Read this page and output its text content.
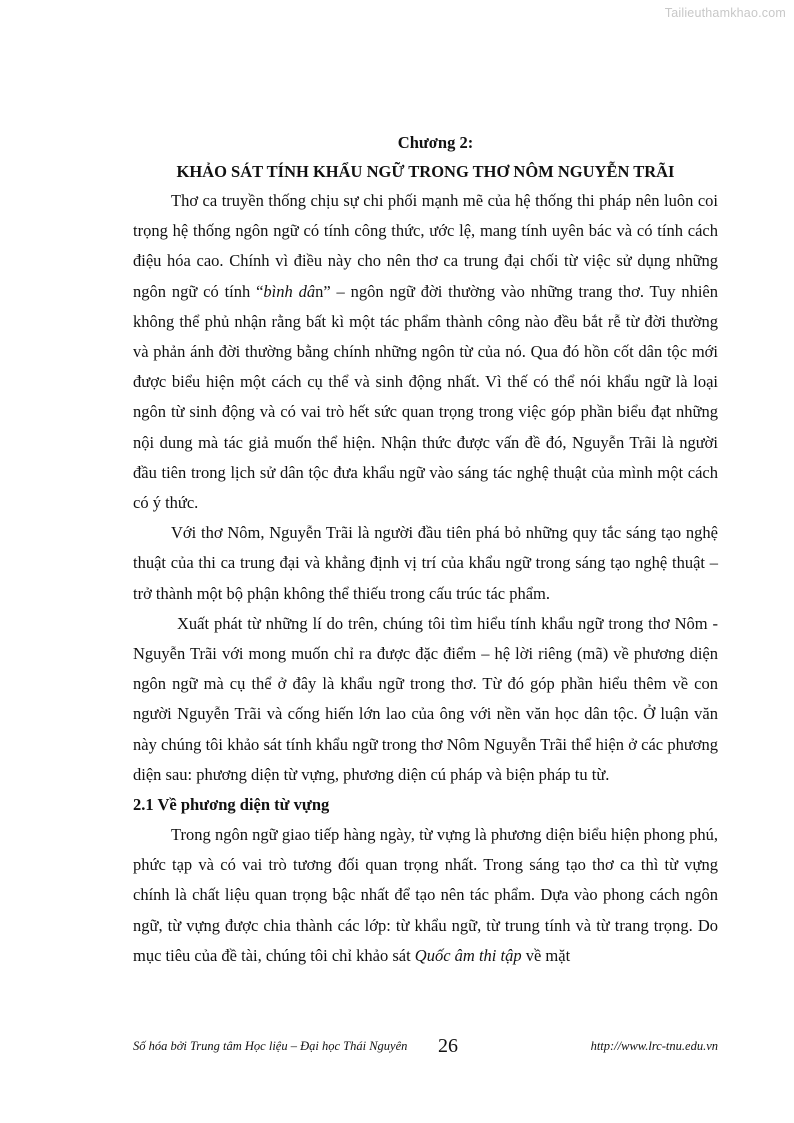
Tailieuthamkhao.com

Chương 2:

KHẢO SÁT TÍNH KHẨU NGỮ TRONG THƠ NÔM NGUYỄN TRÃI

Thơ ca truyền thống chịu sự chi phối mạnh mẽ của hệ thống thi pháp nên luôn coi trọng hệ thống ngôn ngữ có tính công thức, ước lệ, mang tính uyên bác và có tính cách điệu hóa cao. Chính vì điều này cho nên thơ ca trung đại chối từ việc sử dụng những ngôn ngữ có tính “bình dân” – ngôn ngữ đời thường vào những trang thơ. Tuy nhiên không thể phủ nhận rằng bất kì một tác phẩm thành công nào đều bắt rễ từ đời thường và phản ánh đời thường bằng chính những ngôn từ của nó. Qua đó hồn cốt dân tộc mới được biểu hiện một cách cụ thể và sinh động nhất. Vì thế có thể nói khẩu ngữ là loại ngôn từ sinh động và có vai trò hết sức quan trọng trong việc góp phần biểu đạt những nội dung mà tác giả muốn thể hiện. Nhận thức được vấn đề đó, Nguyễn Trãi là người đầu tiên trong lịch sử dân tộc đưa khẩu ngữ vào sáng tác nghệ thuật của mình một cách có ý thức.

Với thơ Nôm, Nguyễn Trãi là người đầu tiên phá bỏ những quy tắc sáng tạo nghệ thuật của thi ca trung đại và khẳng định vị trí của khẩu ngữ trong sáng tạo nghệ thuật – trở thành một bộ phận không thể thiếu trong cấu trúc tác phẩm.

Xuất phát từ những lí do trên, chúng tôi tìm hiểu tính khẩu ngữ trong thơ Nôm - Nguyễn Trãi với mong muốn chỉ ra được đặc điểm – hệ lời riêng (mã) về phương diện ngôn ngữ mà cụ thể ở đây là khẩu ngữ trong thơ. Từ đó góp phần hiểu thêm về con người Nguyễn Trãi và cống hiến lớn lao của ông với nền văn học dân tộc. Ở luận văn này chúng tôi khảo sát tính khẩu ngữ trong thơ Nôm Nguyễn Trãi thể hiện ở các phương diện sau: phương diện từ vựng, phương diện cú pháp và biện pháp tu từ.

2.1 Về phương diện từ vựng

Trong ngôn ngữ giao tiếp hàng ngày, từ vựng là phương diện biểu hiện phong phú, phức tạp và có vai trò tương đối quan trọng nhất. Trong sáng tạo thơ ca thì từ vựng chính là chất liệu quan trọng bậc nhất để tạo nên tác phẩm. Dựa vào phong cách ngôn ngữ, từ vựng được chia thành các lớp: từ khẩu ngữ, từ trung tính và từ trang trọng. Do mục tiêu của đề tài, chúng tôi chỉ khảo sát Quốc âm thi tập về mặt

Số hóa bởi Trung tâm Học liệu – Đại học Thái Nguyên 26	http://www.lrc-tnu.edu.vn
